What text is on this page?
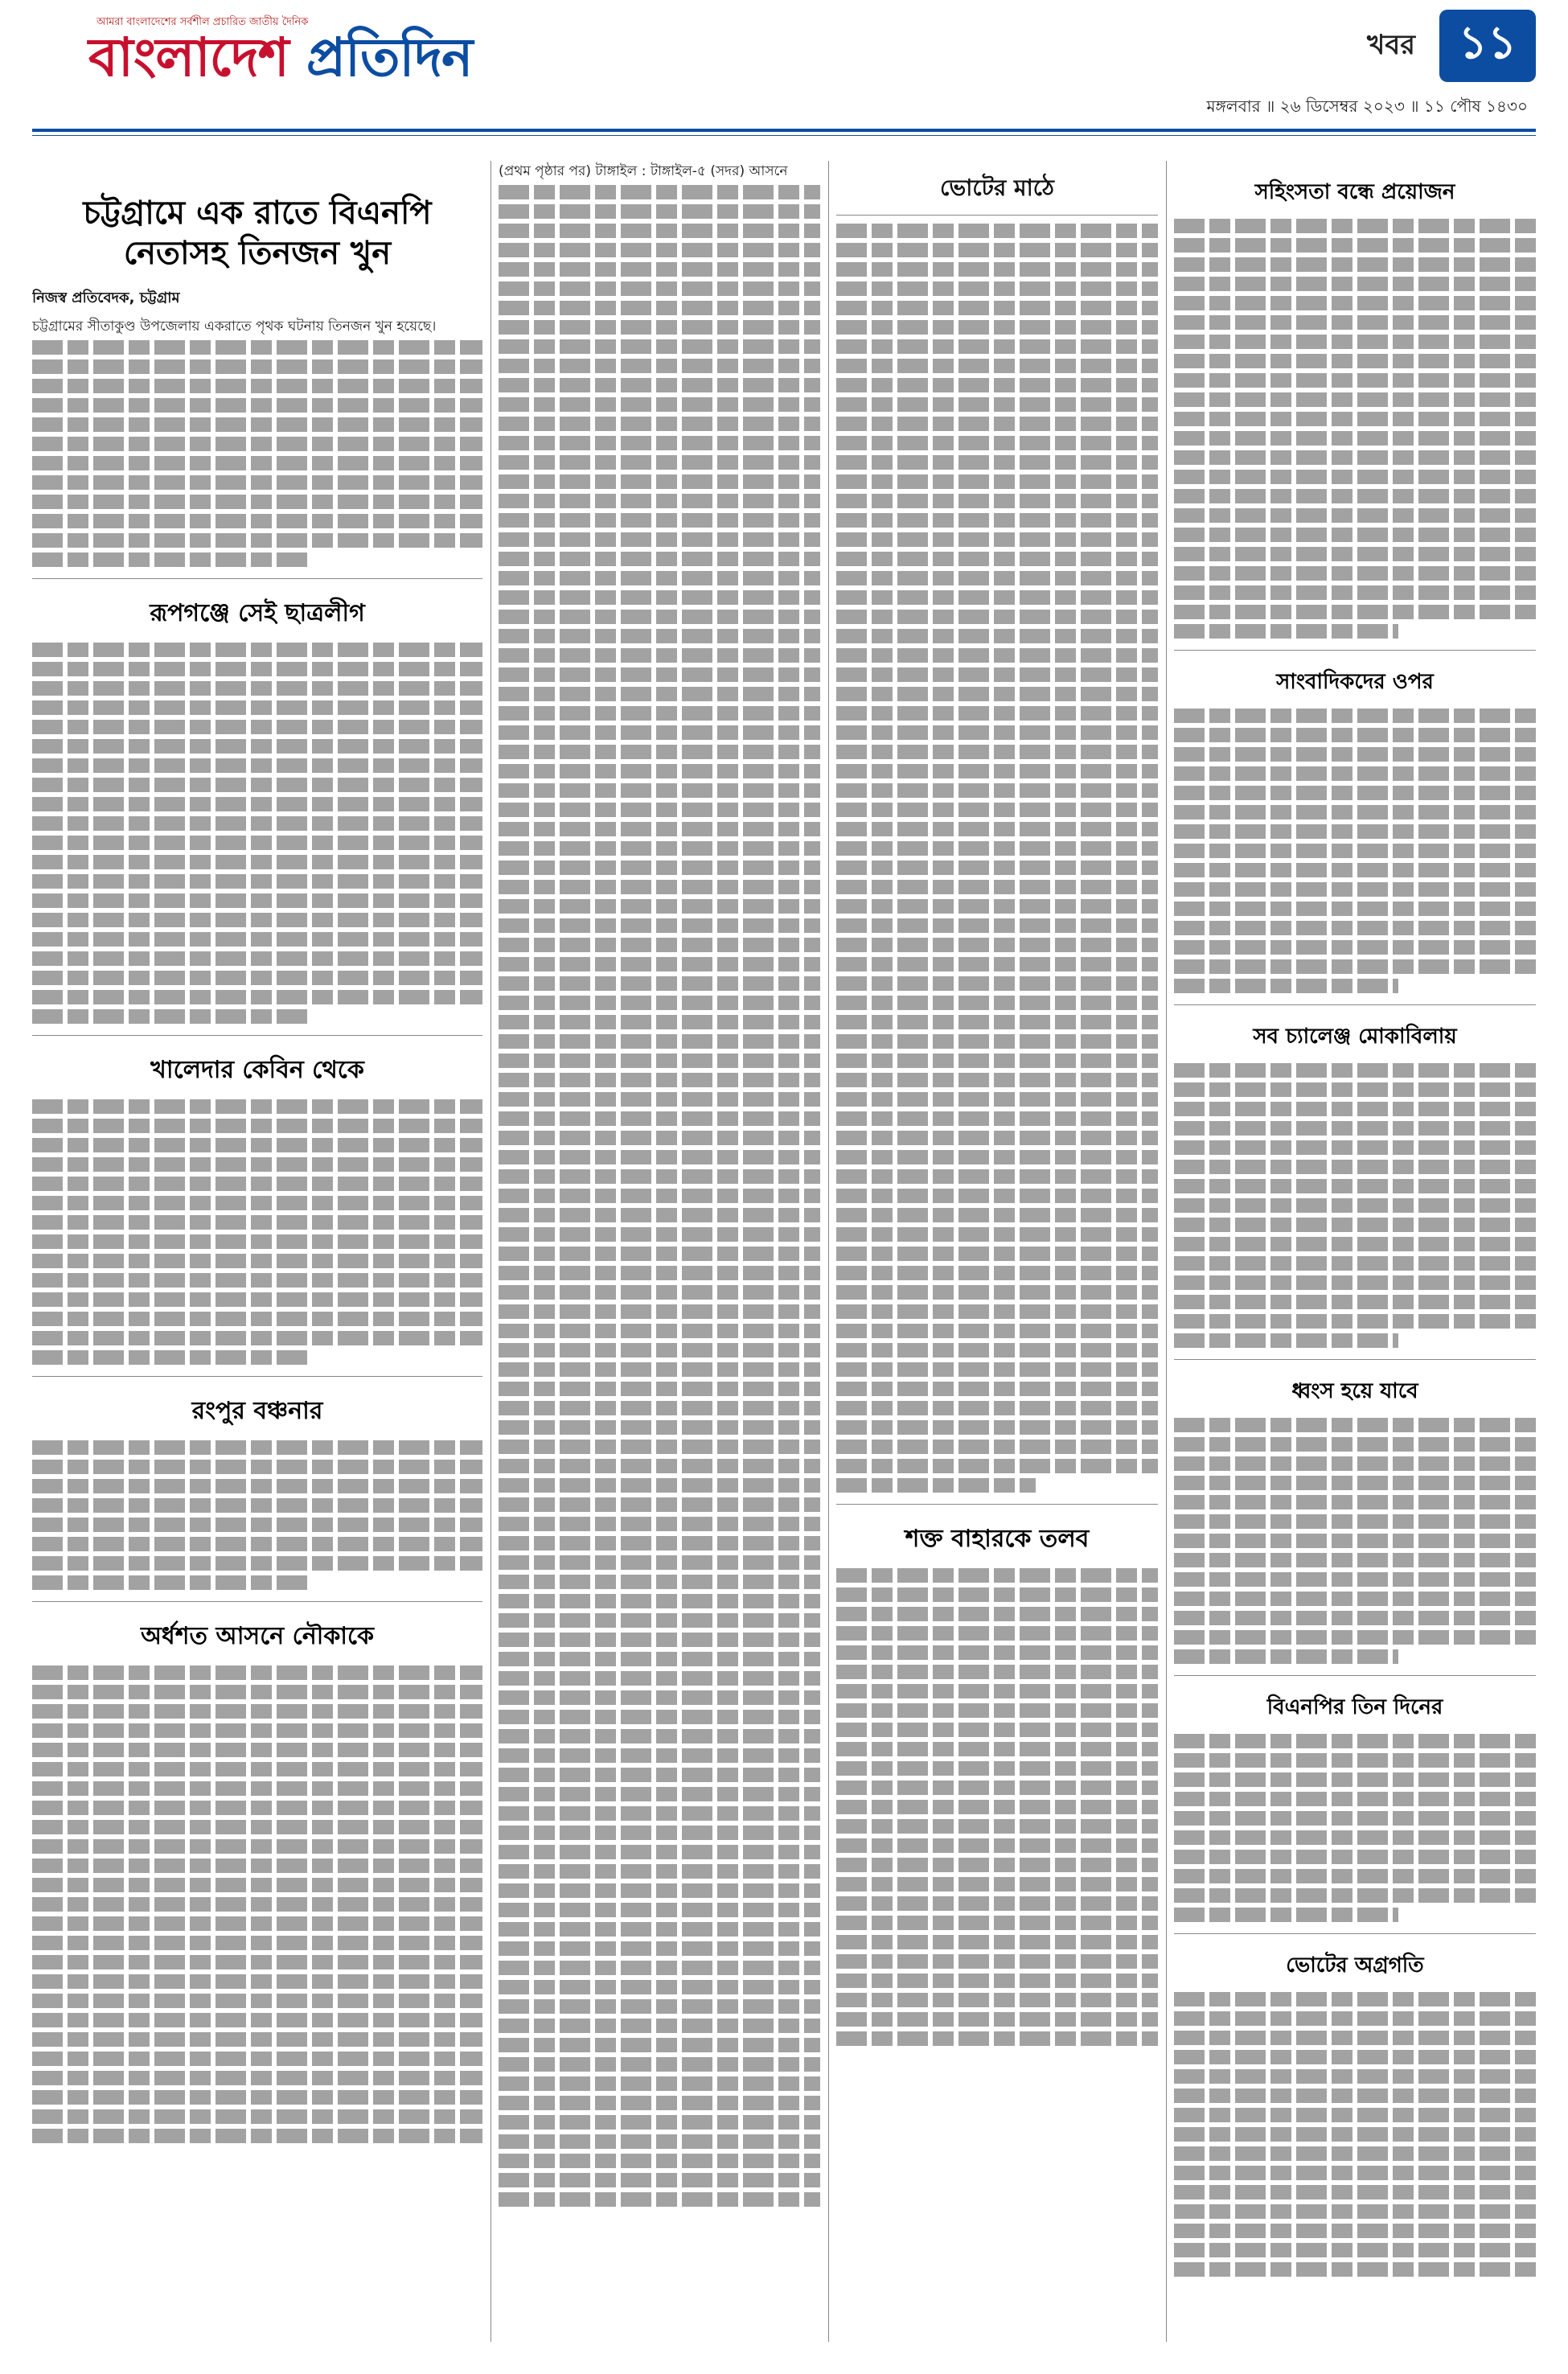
আমরা বাংলাদেশের সর্বশীল প্রচারিত জাতীয় দৈনিক
বাংলাদেশ প্রতিদিন	খবর ১১
মঙ্গলবার ॥ ২৬ ডিসেম্বর ২০২৩ ॥ ১১ পৌষ ১৪৩০
চট্টগ্রামে এক রাতে বিএনপি নেতাসহ তিনজন খুন
নিজস্ব প্রতিবেদক, চট্টগ্রাম
চট্টগ্রামের সীতাকুণ্ড উপজেলায় একরাতে পৃথক ঘটনায় তিনজন খুন হয়েছে।
রূপগঞ্জে সেই ছাত্রলীগ
খালেদার কেবিন থেকে
রংপুর বঞ্চনার
অর্ধশত আসনে নৌকাকে
(প্রথম পৃষ্ঠার পর) টাঙ্গাইল : টাঙ্গাইল-৫ (সদর) আসনে
ভোটের মাঠে
শক্ত বাহারকে তলব
সহিংসতা বন্ধে প্রয়োজন
সাংবাদিকদের ওপর
সব চ্যালেঞ্জ মোকাবিলায়
ধ্বংস হয়ে যাবে
বিএনপির তিন দিনের
ভোটের অগ্রগতি
